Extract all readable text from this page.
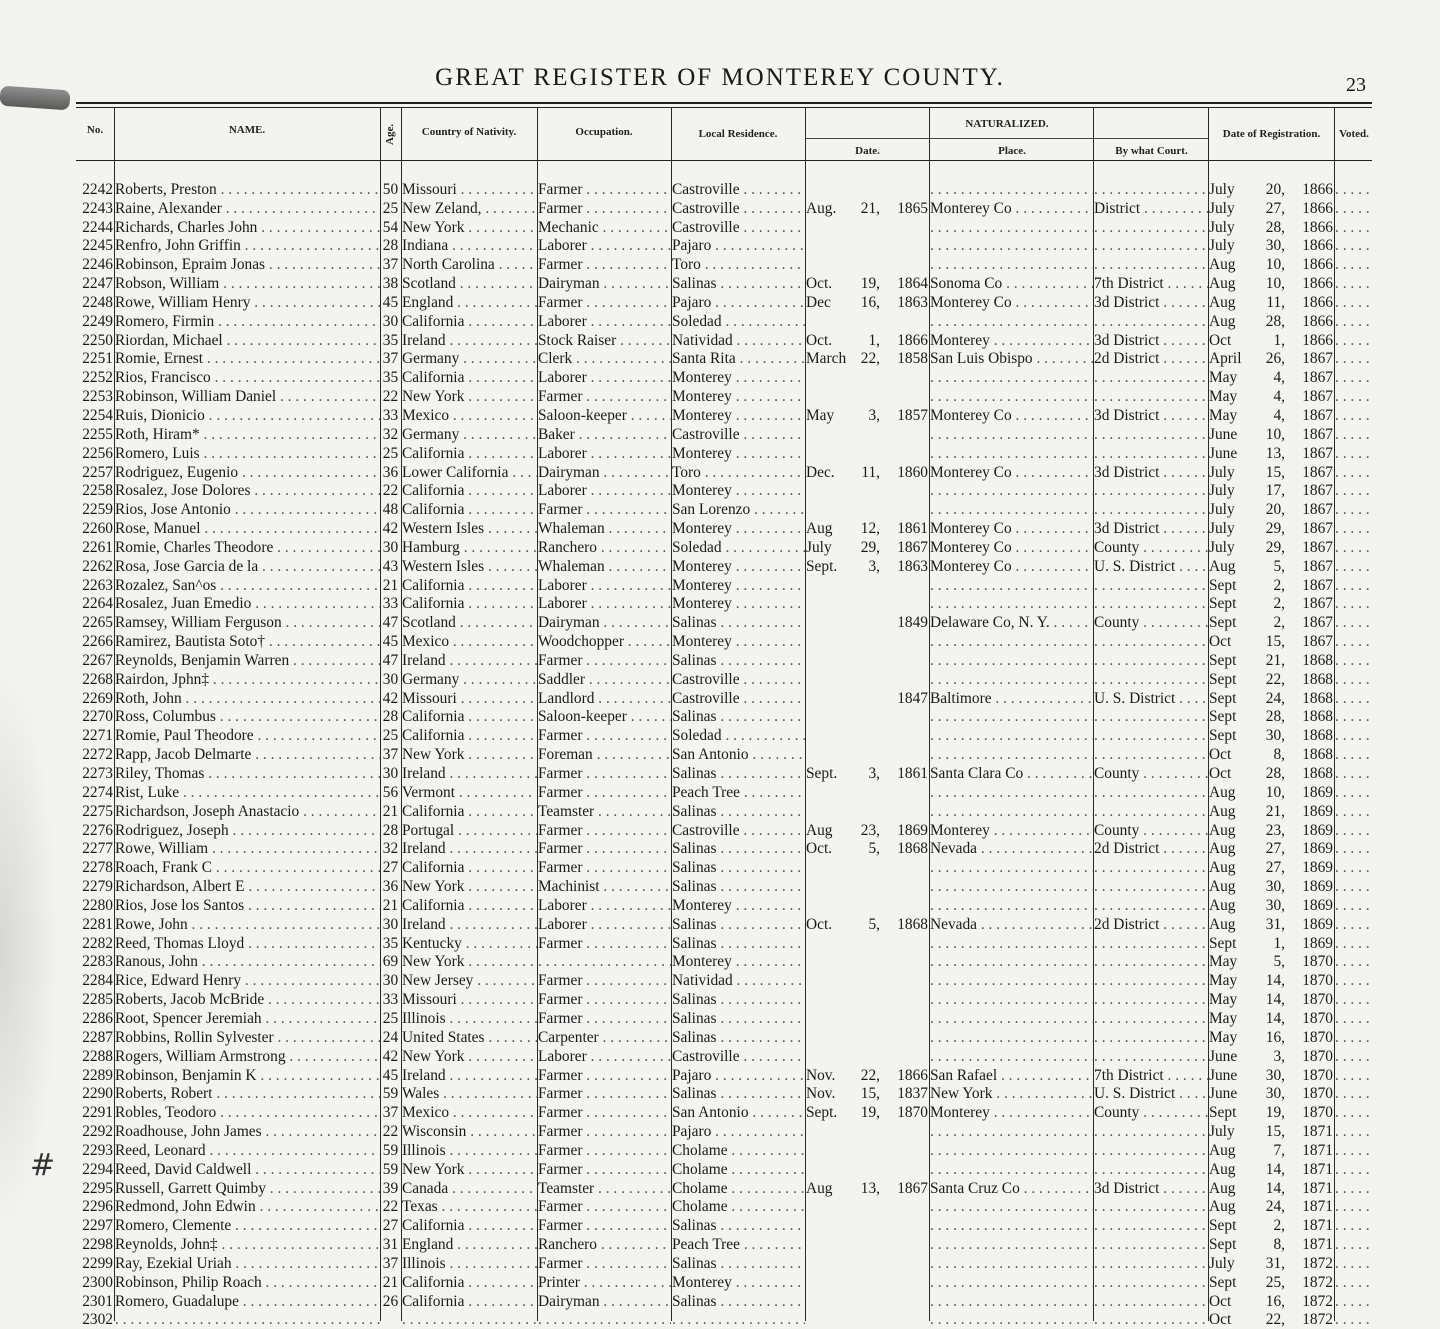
#
GREAT REGISTER OF MONTEREY COUNTY.	23
No.	NAME.	Age.	Country of Nativity.	Occupation.	Local Residence.
NATURALIZED.
Date.	Place.	By what Court.
Date of Registration.	Voted.
2242	Roberts, Preston . . .	50	Missouri . . .	Farmer . . .	Castroville . . .				. . .	. . .	July	20,	1866	. . .
2243	Raine, Alexander . . .	25	New Zeland, . . .	Farmer . . .	Castroville . . .	Aug.	21,	1865	Monterey Co . . .	District . . .	July	27,	1866	. . .
2244	Richards, Charles John . . .	54	New York . . .	Mechanic . . .	Castroville . . .				. . .	. . .	July	28,	1866	. . .
2245	Renfro, John Griffin . . .	28	Indiana . . .	Laborer . . .	Pajaro . . .				. . .	. . .	July	30,	1866	. . .
2246	Robinson, Epraim Jonas . . .	37	North Carolina . . .	Farmer . . .	Toro . . .				. . .	. . .	Aug	10,	1866	. . .
2247	Robson, William . . .	38	Scotland . . .	Dairyman . . .	Salinas . . .	Oct.	19,	1864	Sonoma Co . . .	7th District . . .	Aug	10,	1866	. . .
2248	Rowe, William Henry . . .	45	England . . .	Farmer . . .	Pajaro . . .	Dec	16,	1863	Monterey Co . . .	3d District . . .	Aug	11,	1866	. . .
2249	Romero, Firmin . . .	30	California . . .	Laborer . . .	Soledad . . .				. . .	. . .	Aug	28,	1866	. . .
2250	Riordan, Michael . . .	35	Ireland . . .	Stock Raiser . . .	Natividad . . .	Oct.	1,	1866	Monterey . . .	3d District . . .	Oct	1,	1866	. . .
2251	Romie, Ernest . . .	37	Germany . . .	Clerk . . .	Santa Rita . . .	March	22,	1858	San Luis Obispo . . .	2d District . . .	April	26,	1867	. . .
2252	Rios, Francisco . . .	35	California . . .	Laborer . . .	Monterey . . .				. . .	. . .	May	4,	1867	. . .
2253	Robinson, William Daniel . . .	22	New York . . .	Farmer . . .	Monterey . . .				. . .	. . .	May	4,	1867	. . .
2254	Ruis, Dionicio . . .	33	Mexico . . .	Saloon-keeper . . .	Monterey . . .	May	3,	1857	Monterey Co . . .	3d District . . .	May	4,	1867	. . .
2255	Roth, Hiram* . . .	32	Germany . . .	Baker . . .	Castroville . . .				. . .	. . .	June	10,	1867	. . .
2256	Romero, Luis . . .	25	California . . .	Laborer . . .	Monterey . . .				. . .	. . .	June	13,	1867	. . .
2257	Rodriguez, Eugenio . . .	36	Lower California . . .	Dairyman . . .	Toro . . .	Dec.	11,	1860	Monterey Co . . .	3d District . . .	July	15,	1867	. . .
2258	Rosalez, Jose Dolores . . .	22	California . . .	Laborer . . .	Monterey . . .				. . .	. . .	July	17,	1867	. . .
2259	Rios, Jose Antonio . . .	48	California . . .	Farmer . . .	San Lorenzo . . .				. . .	. . .	July	20,	1867	. . .
2260	Rose, Manuel . . .	42	Western Isles . . .	Whaleman . . .	Monterey . . .	Aug	12,	1861	Monterey Co . . .	3d District . . .	July	29,	1867	. . .
2261	Romie, Charles Theodore . . .	30	Hamburg . . .	Ranchero . . .	Soledad . . .	July	29,	1867	Monterey Co . . .	County . . .	July	29,	1867	. . .
2262	Rosa, Jose Garcia de la . . .	43	Western Isles . . .	Whaleman . . .	Monterey . . .	Sept.	3,	1863	Monterey Co . . .	U. S. District . . .	Aug	5,	1867	. . .
2263	Rozalez, San^os . . .	21	California . . .	Laborer . . .	Monterey . . .				. . .	. . .	Sept	2,	1867	. . .
2264	Rosalez, Juan Emedio . . .	33	California . . .	Laborer . . .	Monterey . . .				. . .	. . .	Sept	2,	1867	. . .
2265	Ramsey, William Ferguson . . .	47	Scotland . . .	Dairyman . . .	Salinas . . .			1849	Delaware Co, N. Y. . . .	County . . .	Sept	2,	1867	. . .
2266	Ramirez, Bautista Soto† . . .	45	Mexico . . .	Woodchopper . . .	Monterey . . .				. . .	. . .	Oct	15,	1867	. . .
2267	Reynolds, Benjamin Warren . . .	47	Ireland . . .	Farmer . . .	Salinas . . .				. . .	. . .	Sept	21,	1868	. . .
2268	Rairdon, Jphn‡ . . .	30	Germany . . .	Saddler . . .	Castroville . . .				. . .	. . .	Sept	22,	1868	. . .
2269	Roth, John . . .	42	Missouri . . .	Landlord . . .	Castroville . . .			1847	Baltimore . . .	U. S. District . . .	Sept	24,	1868	. . .
2270	Ross, Columbus . . .	28	California . . .	Saloon-keeper . . .	Salinas . . .				. . .	. . .	Sept	28,	1868	. . .
2271	Romie, Paul Theodore . . .	25	California . . .	Farmer . . .	Soledad . . .				. . .	. . .	Sept	30,	1868	. . .
2272	Rapp, Jacob Delmarte . . .	37	New York . . .	Foreman . . .	San Antonio . . .				. . .	. . .	Oct	8,	1868	. . .
2273	Riley, Thomas . . .	30	Ireland . . .	Farmer . . .	Salinas . . .	Sept.	3,	1861	Santa Clara Co . . .	County . . .	Oct	28,	1868	. . .
2274	Rist, Luke . . .	56	Vermont . . .	Farmer . . .	Peach Tree . . .				. . .	. . .	Aug	10,	1869	. . .
2275	Richardson, Joseph Anastacio . . .	21	California . . .	Teamster . . .	Salinas . . .				. . .	. . .	Aug	21,	1869	. . .
2276	Rodriguez, Joseph . . .	28	Portugal . . .	Farmer . . .	Castroville . . .	Aug	23,	1869	Monterey . . .	County . . .	Aug	23,	1869	. . .
2277	Rowe, William . . .	32	Ireland . . .	Farmer . . .	Salinas . . .	Oct.	5,	1868	Nevada . . .	2d District . . .	Aug	27,	1869	. . .
2278	Roach, Frank C . . .	27	California . . .	Farmer . . .	Salinas . . .				. . .	. . .	Aug	27,	1869	. . .
2279	Richardson, Albert E . . .	36	New York . . .	Machinist . . .	Salinas . . .				. . .	. . .	Aug	30,	1869	. . .
2280	Rios, Jose los Santos . . .	21	California . . .	Laborer . . .	Monterey . . .				. . .	. . .	Aug	30,	1869	. . .
2281	Rowe, John . . .	30	Ireland . . .	Laborer . . .	Salinas . . .	Oct.	5,	1868	Nevada . . .	2d District . . .	Aug	31,	1869	. . .
2282	Reed, Thomas Lloyd . . .	35	Kentucky . . .	Farmer . . .	Salinas . . .				. . .	. . .	Sept	1,	1869	. . .
2283	Ranous, John . . .	69	New York . . .	. . .	Monterey . . .				. . .	. . .	May	5,	1870	. . .
2284	Rice, Edward Henry . . .	30	New Jersey . . .	Farmer . . .	Natividad . . .				. . .	. . .	May	14,	1870	. . .
2285	Roberts, Jacob McBride . . .	33	Missouri . . .	Farmer . . .	Salinas . . .				. . .	. . .	May	14,	1870	. . .
2286	Root, Spencer Jeremiah . . .	25	Illinois . . .	Farmer . . .	Salinas . . .				. . .	. . .	May	14,	1870	. . .
2287	Robbins, Rollin Sylvester . . .	24	United States . . .	Carpenter . . .	Salinas . . .				. . .	. . .	May	16,	1870	. . .
2288	Rogers, William Armstrong . . .	42	New York . . .	Laborer . . .	Castroville . . .				. . .	. . .	June	3,	1870	. . .
2289	Robinson, Benjamin K . . .	45	Ireland . . .	Farmer . . .	Pajaro . . .	Nov.	22,	1866	San Rafael . . .	7th District . . .	June	30,	1870	. . .
2290	Roberts, Robert . . .	59	Wales . . .	Farmer . . .	Salinas . . .	Nov.	15,	1837	New York . . .	U. S. District . . .	June	30,	1870	. . .
2291	Robles, Teodoro . . .	37	Mexico . . .	Farmer . . .	San Antonio . . .	Sept.	19,	1870	Monterey . . .	County . . .	Sept	19,	1870	. . .
2292	Roadhouse, John James . . .	22	Wisconsin . . .	Farmer . . .	Pajaro . . .				. . .	. . .	July	15,	1871	. . .
2293	Reed, Leonard . . .	59	Illinois . . .	Farmer . . .	Cholame . . .				. . .	. . .	Aug	7,	1871	. . .
2294	Reed, David Caldwell . . .	59	New York . . .	Farmer . . .	Cholame . . .				. . .	. . .	Aug	14,	1871	. . .
2295	Russell, Garrett Quimby . . .	39	Canada . . .	Teamster . . .	Cholame . . .	Aug	13,	1867	Santa Cruz Co . . .	3d District . . .	Aug	14,	1871	. . .
2296	Redmond, John Edwin . . .	22	Texas . . .	Farmer . . .	Cholame . . .				. . .	. . .	Aug	24,	1871	. . .
2297	Romero, Clemente . . .	27	California . . .	Farmer . . .	Salinas . . .				. . .	. . .	Sept	2,	1871	. . .
2298	Reynolds, John‡ . . .	31	England . . .	Ranchero . . .	Peach Tree . . .				. . .	. . .	Sept	8,	1871	. . .
2299	Ray, Ezekial Uriah . . .	37	Illinois . . .	Farmer . . .	Salinas . . .				. . .	. . .	July	31,	1872	. . .
2300	Robinson, Philip Roach . . .	21	California . . .	Printer . . .	Monterey . . .				. . .	. . .	Sept	25,	1872	. . .
2301	Romero, Guadalupe . . .	26	California . . .	Dairyman . . .	Salinas . . .				. . .	. . .	Oct	16,	1872	. . .
2302	. . .		. . .	. . .	. . .				. . .	. . .	Oct	22,	1872	. . .
